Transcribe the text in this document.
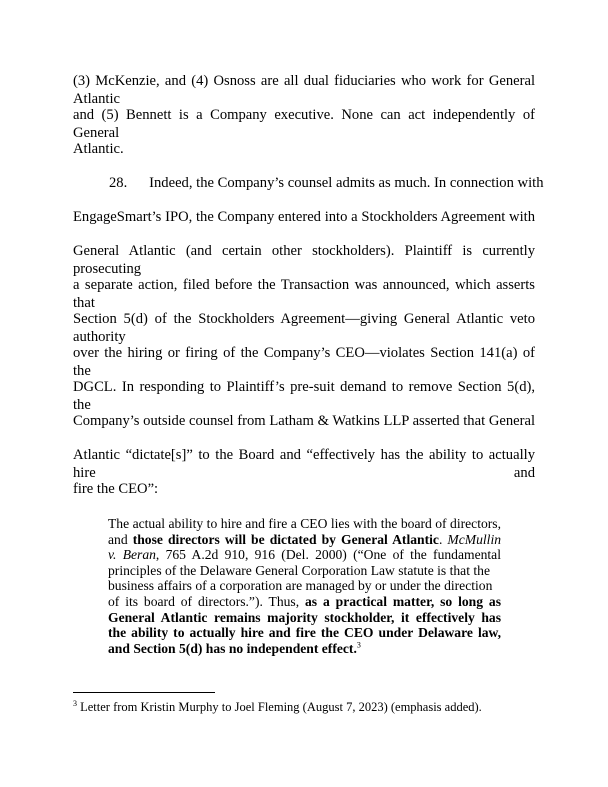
(3) McKenzie, and (4) Osnoss are all dual fiduciaries who work for General Atlantic
and (5) Bennett is a Company executive. None can act independently of General
Atlantic.
28.      Indeed, the Company’s counsel admits as much. In connection with
EngageSmart’s IPO, the Company entered into a Stockholders Agreement with
General Atlantic (and certain other stockholders). Plaintiff is currently prosecuting
a separate action, filed before the Transaction was announced, which asserts that
Section 5(d) of the Stockholders Agreement—giving General Atlantic veto authority
over the hiring or firing of the Company’s CEO—violates Section 141(a) of the
DGCL. In responding to Plaintiff’s pre-suit demand to remove Section 5(d), the
Company’s outside counsel from Latham & Watkins LLP asserted that General
Atlantic “dictate[s]” to the Board and “effectively has the ability to actually hire and
fire the CEO”:
The actual ability to hire and fire a CEO lies with the board of directors,
and those directors will be dictated by General Atlantic. McMullin
v. Beran, 765 A.2d 910, 916 (Del. 2000) (“One of the fundamental
principles of the Delaware General Corporation Law statute is that the
business affairs of a corporation are managed by or under the direction
of its board of directors.”). Thus, as a practical matter, so long as
General Atlantic remains majority stockholder, it effectively has
the ability to actually hire and fire the CEO under Delaware law,
and Section 5(d) has no independent effect.$^3$
$^3$ Letter from Kristin Murphy to Joel Fleming (August 7, 2023) (emphasis added).
